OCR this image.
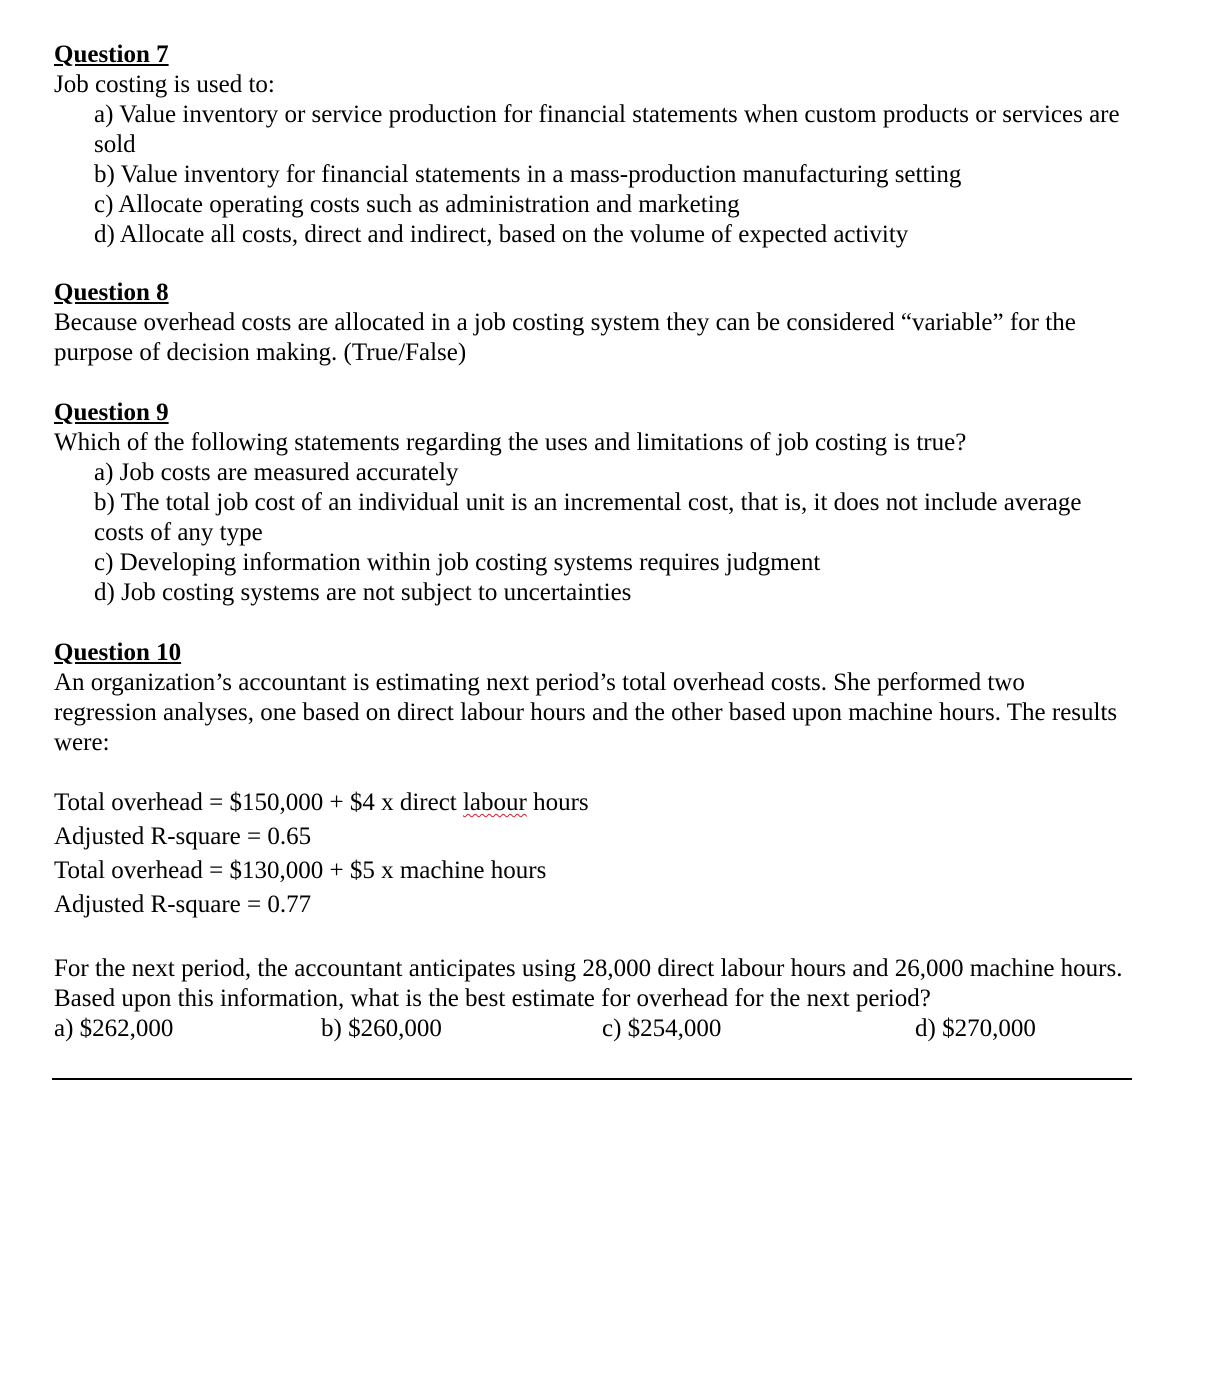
Question 7

Job costing is used to:

a) Value inventory or service production for financial statements when custom products or services are sold

b) Value inventory for financial statements in a mass-production manufacturing setting

c) Allocate operating costs such as administration and marketing

d) Allocate all costs, direct and indirect, based on the volume of expected activity

Question 8

Because overhead costs are allocated in a job costing system they can be considered “variable” for the purpose of decision making. (True/False)

Question 9

Which of the following statements regarding the uses and limitations of job costing is true?

a) Job costs are measured accurately

b) The total job cost of an individual unit is an incremental cost, that is, it does not include average costs of any type

c) Developing information within job costing systems requires judgment

d) Job costing systems are not subject to uncertainties

Question 10

An organization’s accountant is estimating next period’s total overhead costs. She performed two regression analyses, one based on direct labour hours and the other based upon machine hours. The results were:

Total overhead = $150,000 + $4 x direct labour hours

Adjusted R-square = 0.65

Total overhead = $130,000 + $5 x machine hours

Adjusted R-square = 0.77

For the next period, the accountant anticipates using 28,000 direct labour hours and 26,000 machine hours. Based upon this information, what is the best estimate for overhead for the next period?

a) $262,000	b) $260,000	c) $254,000	d) $270,000
